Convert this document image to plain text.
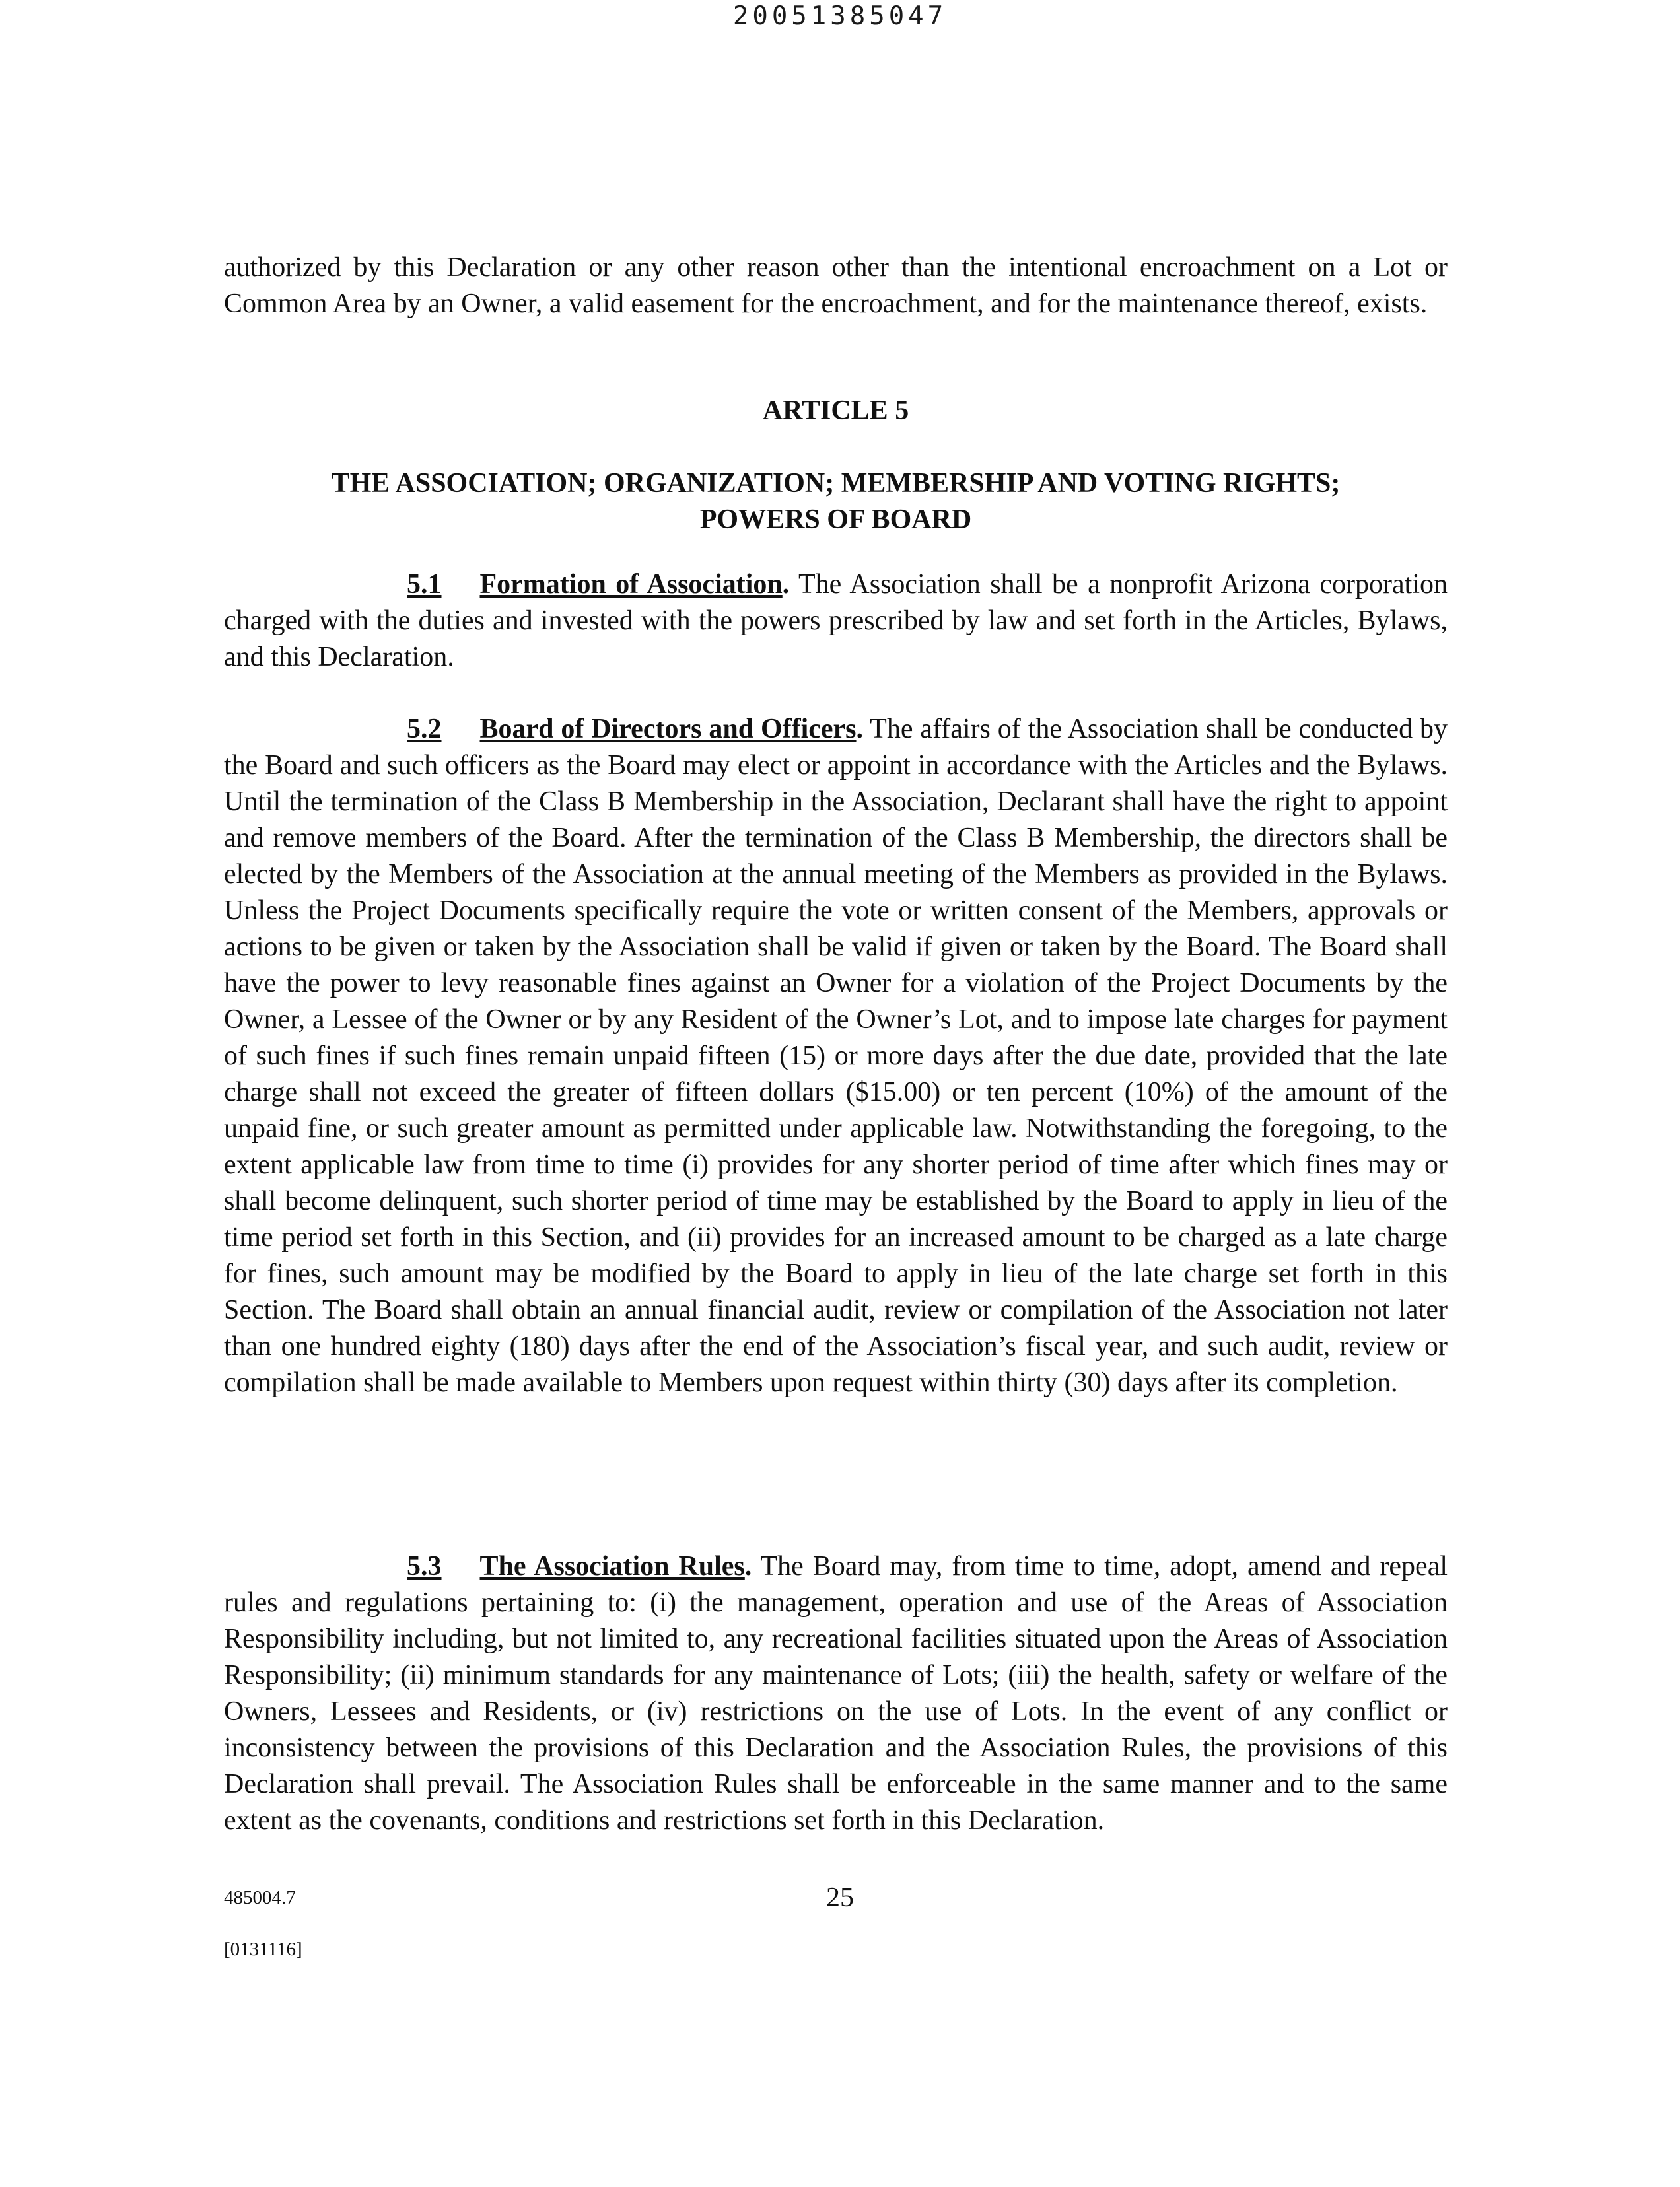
20051385047

authorized by this Declaration or any other reason other than the intentional encroachment on a Lot or Common Area by an Owner, a valid easement for the encroachment, and for the maintenance thereof, exists.

ARTICLE 5
THE ASSOCIATION; ORGANIZATION; MEMBERSHIP AND VOTING RIGHTS;
POWERS OF BOARD

5.1 Formation of Association. The Association shall be a nonprofit Arizona corporation charged with the duties and invested with the powers prescribed by law and set forth in the Articles, Bylaws, and this Declaration.

5.2 Board of Directors and Officers. The affairs of the Association shall be conducted by the Board and such officers as the Board may elect or appoint in accordance with the Articles and the Bylaws. Until the termination of the Class B Membership in the Association, Declarant shall have the right to appoint and remove members of the Board. After the termination of the Class B Membership, the directors shall be elected by the Members of the Association at the annual meeting of the Members as provided in the Bylaws. Unless the Project Documents specifically require the vote or written consent of the Members, approvals or actions to be given or taken by the Association shall be valid if given or taken by the Board. The Board shall have the power to levy reasonable fines against an Owner for a violation of the Project Documents by the Owner, a Lessee of the Owner or by any Resident of the Owner’s Lot, and to impose late charges for payment of such fines if such fines remain unpaid fifteen (15) or more days after the due date, provided that the late charge shall not exceed the greater of fifteen dollars ($15.00) or ten percent (10%) of the amount of the unpaid fine, or such greater amount as permitted under applicable law. Notwithstanding the foregoing, to the extent applicable law from time to time (i) provides for any shorter period of time after which fines may or shall become delinquent, such shorter period of time may be established by the Board to apply in lieu of the time period set forth in this Section, and (ii) provides for an increased amount to be charged as a late charge for fines, such amount may be modified by the Board to apply in lieu of the late charge set forth in this Section. The Board shall obtain an annual financial audit, review or compilation of the Association not later than one hundred eighty (180) days after the end of the Association’s fiscal year, and such audit, review or compilation shall be made available to Members upon request within thirty (30) days after its completion.

5.3 The Association Rules. The Board may, from time to time, adopt, amend and repeal rules and regulations pertaining to: (i) the management, operation and use of the Areas of Association Responsibility including, but not limited to, any recreational facilities situated upon the Areas of Association Responsibility; (ii) minimum standards for any maintenance of Lots; (iii) the health, safety or welfare of the Owners, Lessees and Residents, or (iv) restrictions on the use of Lots. In the event of any conflict or inconsistency between the provisions of this Declaration and the Association Rules, the provisions of this Declaration shall prevail. The Association Rules shall be enforceable in the same manner and to the same extent as the covenants, conditions and restrictions set forth in this Declaration.

485004.7	25
[0131116]
